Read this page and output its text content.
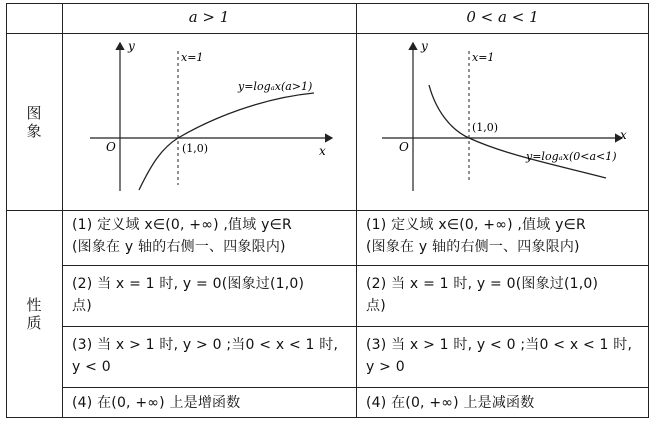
a > 1	0 < a < 1
图象
性质
y
x
O
x=1
(1,0)
y=logₐx(a>1)
y
x
O
x=1
(1,0)
y=logₐx(0<a<1)
(1) 定义域 x∈(0, +∞) ,值域 y∈R
(图象在 y 轴的右侧一、四象限内)
(1) 定义域 x∈(0, +∞) ,值域 y∈R
(图象在 y 轴的右侧一、四象限内)
(2) 当 x = 1 时, y = 0(图象过(1,0)
点)
(2) 当 x = 1 时, y = 0(图象过(1,0)
点)
(3) 当 x > 1 时, y > 0 ;当0 < x < 1 时,
y < 0
(3) 当 x > 1 时, y < 0 ;当0 < x < 1 时,
y > 0
(4) 在(0, +∞) 上是增函数	(4) 在(0, +∞) 上是减函数
